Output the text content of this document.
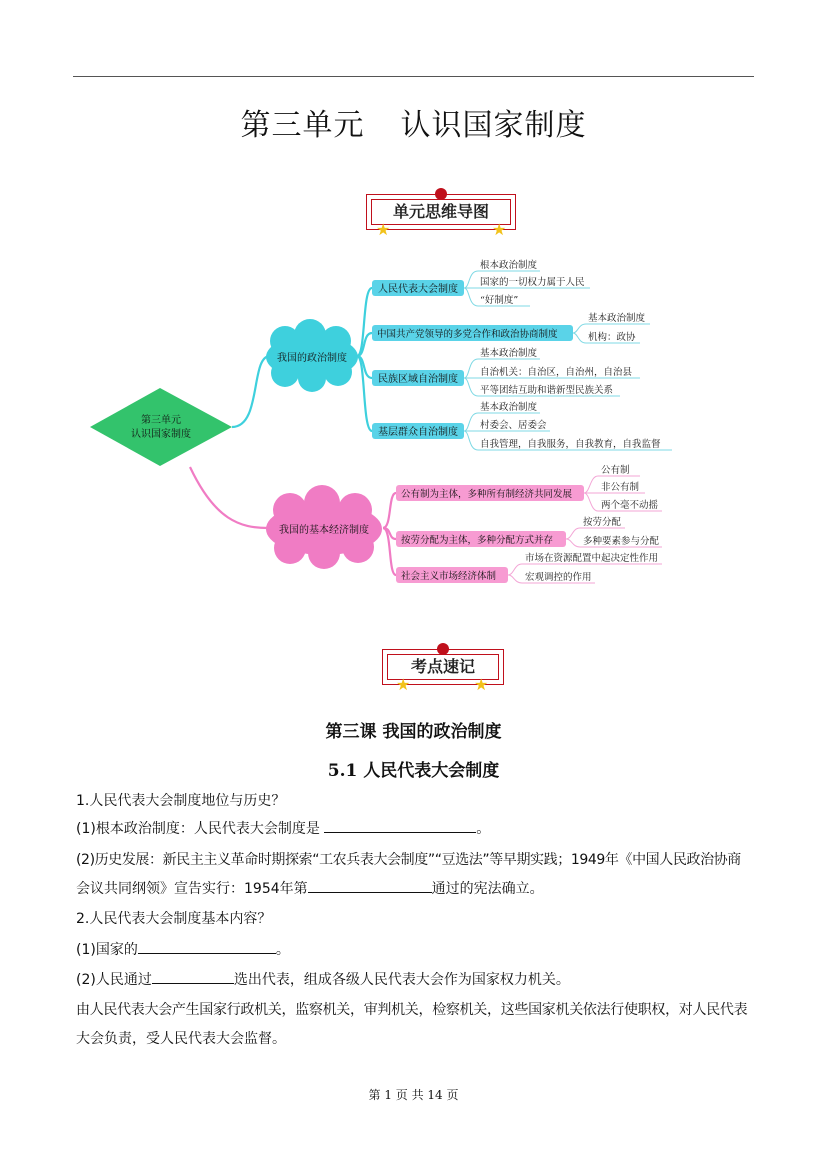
第三单元 认识国家制度
单元思维导图
★	★
第三单元
认识国家制度
我国的政治制度
我国的基本经济制度
人民代表大会制度
中国共产党领导的多党合作和政治协商制度
民族区域自治制度
基层群众自治制度
根本政治制度
国家的一切权力属于人民
“好制度”
基本政治制度
机构：政协
基本政治制度
自治机关：自治区，自治州，自治县
平等团结互助和谐新型民族关系
基本政治制度
村委会、居委会
自我管理，自我服务，自我教育，自我监督
公有制为主体，多种所有制经济共同发展
按劳分配为主体，多种分配方式并存
社会主义市场经济体制
公有制
非公有制
两个毫不动摇
按劳分配
多种要素参与分配
市场在资源配置中起决定性作用
宏观调控的作用
考点速记
★	★
第三课 我国的政治制度
5.1 人民代表大会制度
1.人民代表大会制度地位与历史？
(1)根本政治制度：人民代表大会制度是	。
(2)历史发展：新民主主义革命时期探索“工农兵表大会制度”“豆选法”等早期实践；1949年《中国人民政治协商
会议共同纲领》宣告实行：1954年第	通过的宪法确立。
2.人民代表大会制度基本内容？
(1)国家的	。
(2)人民通过	选出代表，组成各级人民代表大会作为国家权力机关。
由人民代表大会产生国家行政机关，监察机关，审判机关，检察机关，这些国家机关依法行使职权，对人民代表
大会负责，受人民代表大会监督。
第 1 页 共 14 页
